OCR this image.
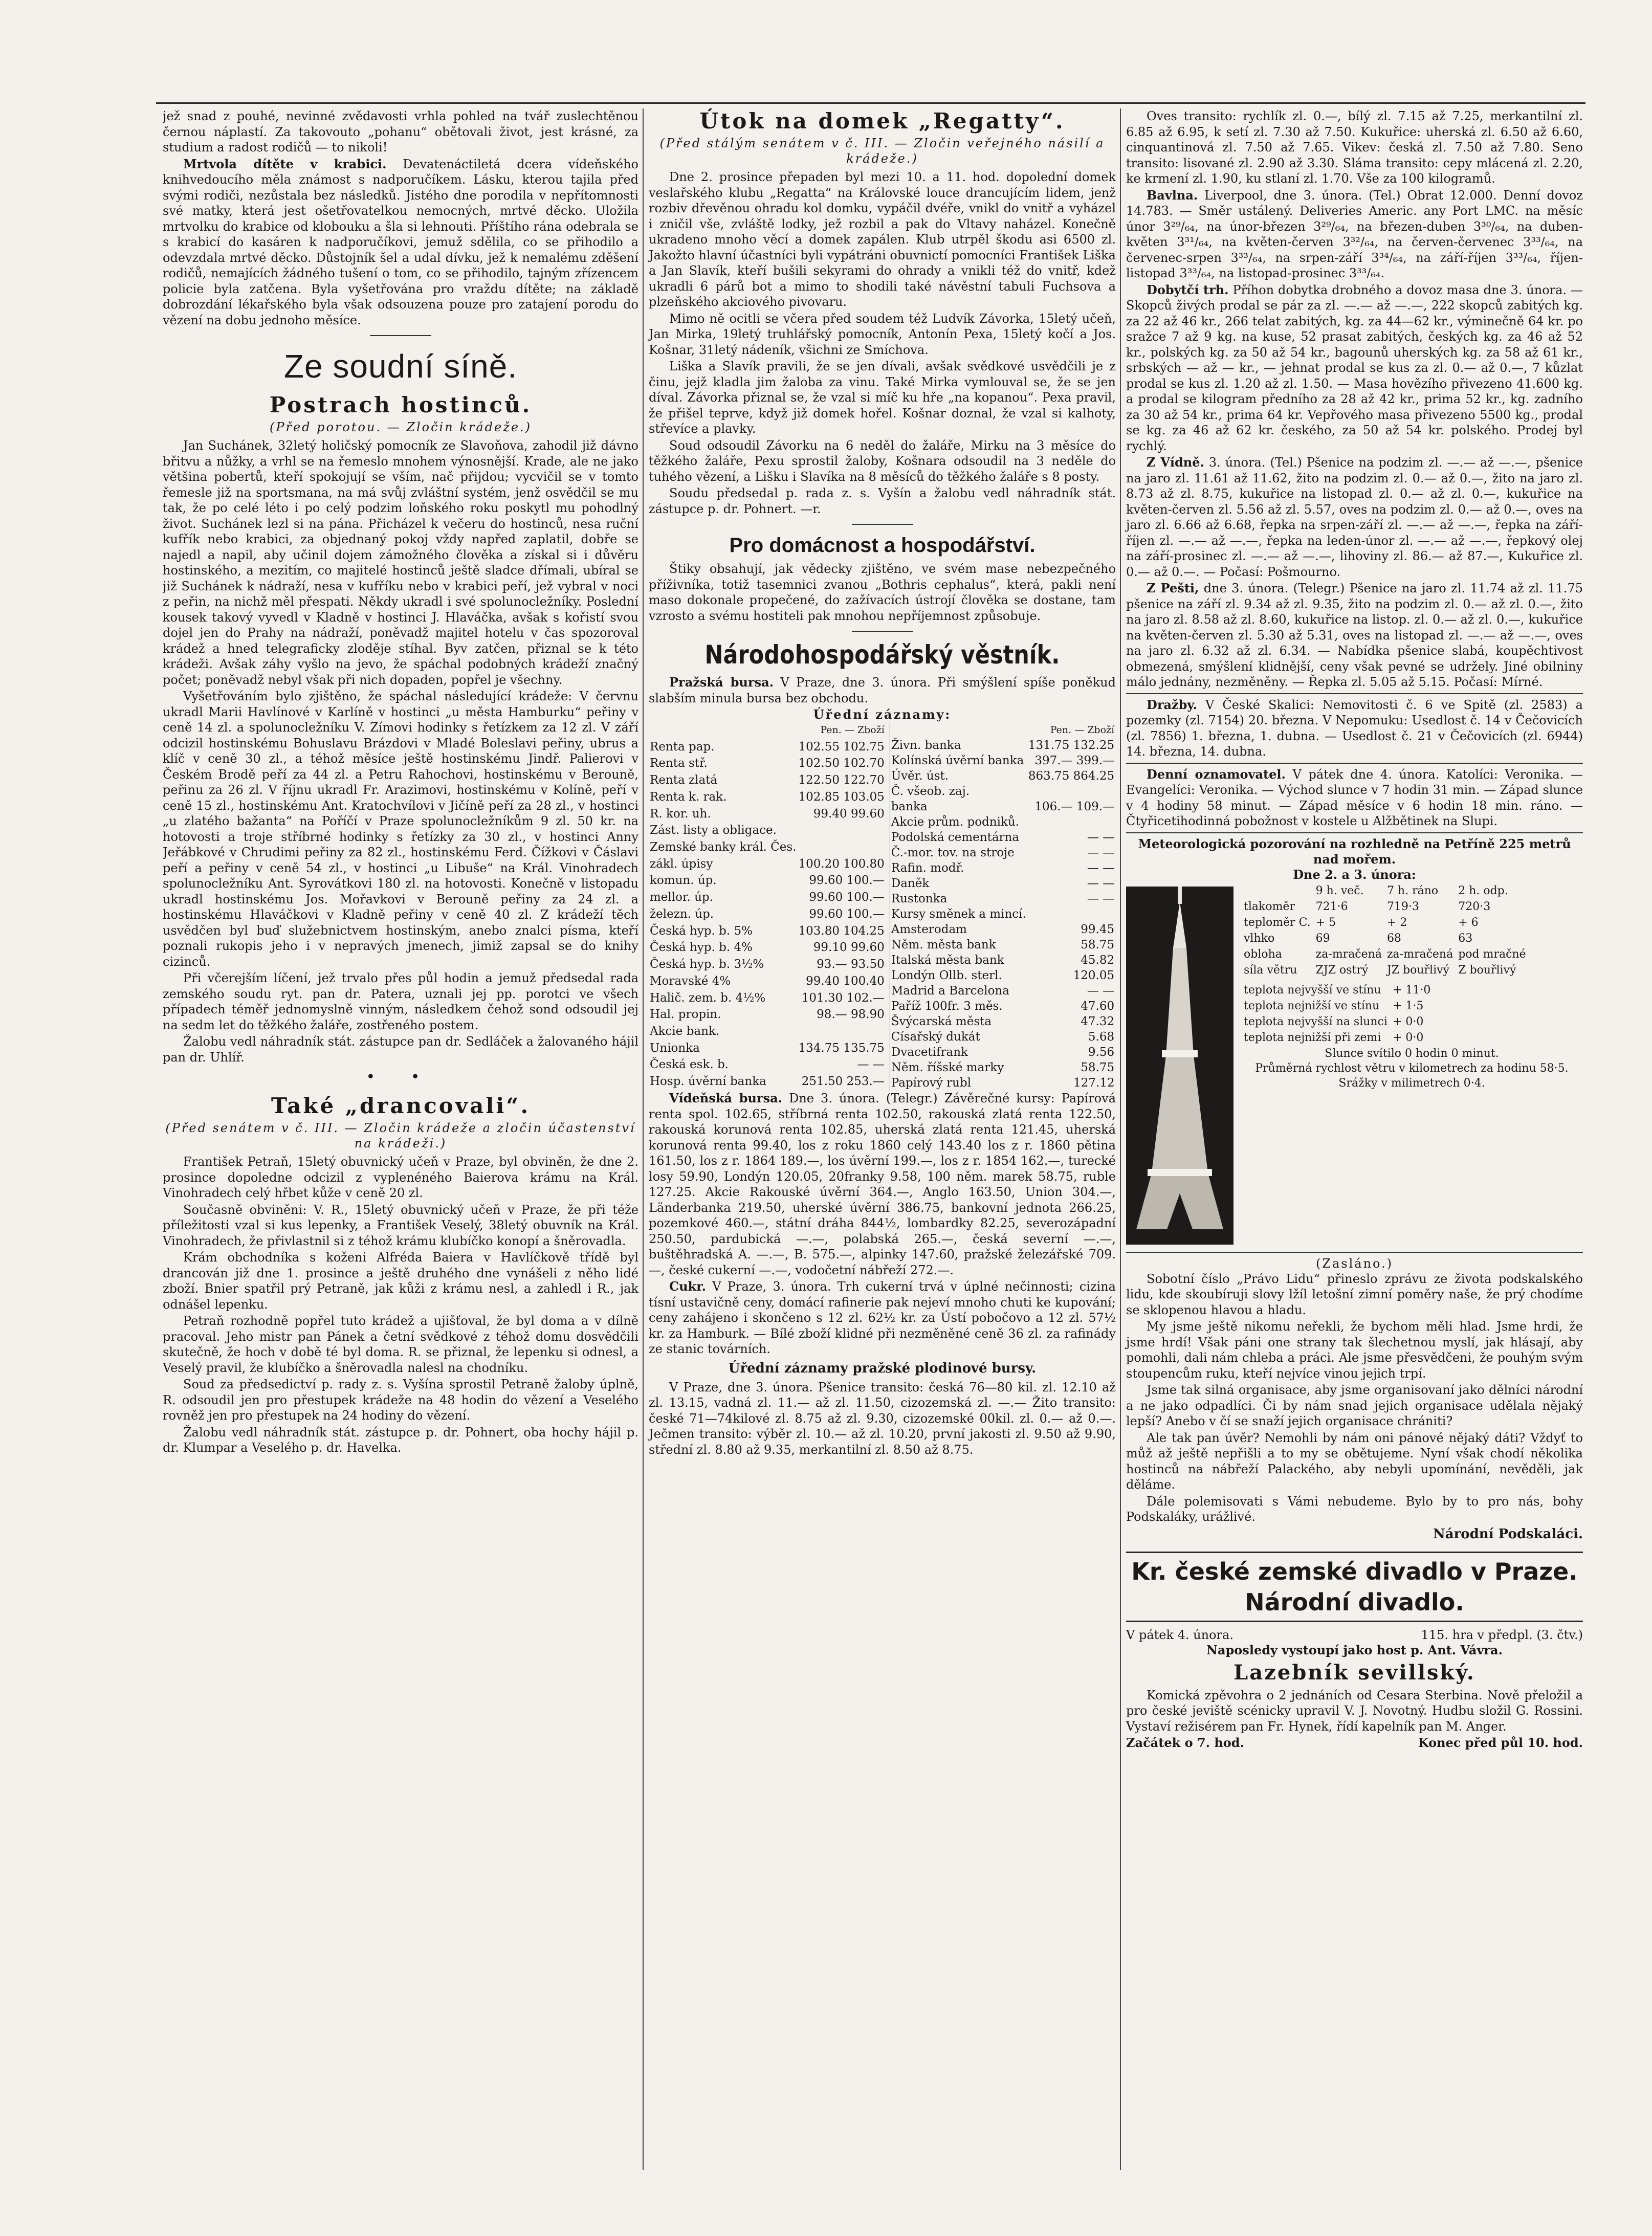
jež snad z pouhé, nevinné zvědavosti vrhla pohled na tvář zuslechtěnou černou náplastí. Za takovouto „pohanu“ obětovali život, jest krásné, za studium a radost rodičů — to nikoli!

Mrtvola dítěte v krabici. Devatenáctiletá dcera vídeňského knihvedoucího měla známost s nadporučíkem. Lásku, kterou tajila před svými rodiči, nezůstala bez následků. Jistého dne porodila v nepřítomnosti své matky, která jest ošetřovatelkou nemocných, mrtvé děcko. Uložila mrtvolku do krabice od klobouku a šla si lehnouti. Příštího rána odebrala se s krabicí do kasáren k nadporučíkovi, jemuž sdělila, co se přihodilo a odevzdala mrtvé děcko. Důstojník šel a udal dívku, jež k nemalému zděšení rodičů, nemajících žádného tušení o tom, co se přihodilo, tajným zřízencem policie byla zatčena. Byla vyšetřována pro vraždu dítěte; na základě dobrozdání lékařského byla však odsouzena pouze pro zatajení porodu do vězení na dobu jednoho měsíce.

Ze soudní síně.
Postrach hostinců.
(Před porotou. — Zločin krádeže.)

Jan Suchánek, 32letý holičský pomocník ze Slavoňova, zahodil již dávno břitvu a nůžky, a vrhl se na řemeslo mnohem výnosnější. Krade, ale ne jako většina pobertů, kteří spokojují se vším, nač přijdou; vycvičil se v tomto řemesle již na sportsmana, na má svůj zvláštní systém, jenž osvědčil se mu tak, že po celé léto i po celý podzim loňského roku poskytl mu pohodlný život. Suchánek lezl si na pána. Přicházel k večeru do hostinců, nesa ruční kufřík nebo krabici, za objednaný pokoj vždy napřed zaplatil, dobře se najedl a napil, aby učinil dojem zámožného člověka a získal si i důvěru hostinského, a mezitím, co majitelé hostinců ještě sladce dřímali, ubíral se již Suchánek k nádraží, nesa v kufříku nebo v krabici peří, jež vybral v noci z peřin, na nichž měl přespati. Někdy ukradl i své spolunocležníky. Poslední kousek takový vyvedl v Kladně v hostinci J. Hlaváčka, avšak s kořistí svou dojel jen do Prahy na nádraží, poněvadž majitel hotelu v čas spozoroval krádež a hned telegraficky zloděje stíhal. Byv zatčen, přiznal se k této krádeži. Avšak záhy vyšlo na jevo, že spáchal podobných krádeží značný počet; poněvadž nebyl však při nich dopaden, popřel je všechny.

Vyšetřováním bylo zjištěno, že spáchal následující krádeže: V červnu ukradl Marii Havlínové v Karlíně v hostinci „u města Hamburku“ peřiny v ceně 14 zl. a spolunocležníku V. Zímovi hodinky s řetízkem za 12 zl. V září odcizil hostinskému Bohuslavu Brázdovi v Mladé Boleslavi peřiny, ubrus a klíč v ceně 30 zl., a téhož měsíce ještě hostinskému Jindř. Palierovi v Českém Brodě peří za 44 zl. a Petru Rahochovi, hostinskému v Berouně, peřinu za 26 zl. V říjnu ukradl Fr. Arazimovi, hostinskému v Kolíně, peří v ceně 15 zl., hostinskému Ant. Kratochvílovi v Jičíně peří za 28 zl., v hostinci „u zlatého bažanta“ na Poříčí v Praze spolunocležníkům 9 zl. 50 kr. na hotovosti a troje stříbrné hodinky s řetízky za 30 zl., v hostinci Anny Jeřábkové v Chrudimi peřiny za 82 zl., hostinskému Ferd. Čížkovi v Čáslavi peří a peřiny v ceně 54 zl., v hostinci „u Libuše“ na Král. Vinohradech spolunocležníku Ant. Syrovátkovi 180 zl. na hotovosti. Konečně v listopadu ukradl hostinskému Jos. Mořavkovi v Berouně peřiny za 24 zl. a hostinskému Hlaváčkovi v Kladně peřiny v ceně 40 zl. Z krádeží těch usvědčen byl buď služebnictvem hostinským, anebo znalci písma, kteří poznali rukopis jeho i v nepravých jmenech, jimiž zapsal se do knihy cizinců.

Při včerejším líčení, jež trvalo přes půl hodin a jemuž předsedal rada zemského soudu ryt. pan dr. Patera, uznali jej pp. porotci ve všech případech téměř jednomyslně vinným, následkem čehož sond odsoudil jej na sedm let do těžkého žaláře, zostřeného postem.

Žalobu vedl náhradník stát. zástupce pan dr. Sedláček a žalovaného hájil pan dr. Uhlíř.

• •
Také „drancovali“.
(Před senátem v č. III. — Zločin krádeže a zločin účastenství na krádeži.)

František Petraň, 15letý obuvnický učeň v Praze, byl obviněn, že dne 2. prosince dopoledne odcizil z vyplenéného Baierova krámu na Král. Vinohradech celý hřbet kůže v ceně 20 zl.

Současně obviněni: V. R., 15letý obuvnický učeň v Praze, že při téže příležitosti vzal si kus lepenky, a František Veselý, 38letý obuvník na Král. Vinohradech, že přivlastnil si z téhož krámu klubíčko konopí a šněrovadla.

Krám obchodníka s koženi Alfréda Baiera v Havlíčkově třídě byl drancován již dne 1. prosince a ještě druhého dne vynášeli z něho lidé zboží. Bnier spatřil prý Petraně, jak kůži z krámu nesl, a zahledl i R., jak odnášel lepenku.

Petraň rozhodně popřel tuto krádež a ujišťoval, že byl doma a v dílně pracoval. Jeho mistr pan Pánek a četní svědkové z téhož domu dosvědčili skutečně, že hoch v době té byl doma. R. se přiznal, že lepenku si odnesl, a Veselý pravil, že klubíčko a šněrovadla nalesl na chodníku.

Soud za předsedictví p. rady z. s. Vyšína sprostil Petraně žaloby úplně, R. odsoudil jen pro přestupek krádeže na 48 hodin do vězení a Veselého rovněž jen pro přestupek na 24 hodiny do vězení.

Žalobu vedl náhradník stát. zástupce p. dr. Pohnert, oba hochy hájil p. dr. Klumpar a Veselého p. dr. Havelka.

Útok na domek „Regatty“.
(Před stálým senátem v č. III. — Zločin veřejného násilí a krádeže.)

Dne 2. prosince přepaden byl mezi 10. a 11. hod. dopolední domek veslařského klubu „Regatta“ na Královské louce drancujícím lidem, jenž rozbiv dřevěnou ohradu kol domku, vypáčil dvéře, vnikl do vnitř a vyházel i zničil vše, zvláště lodky, jež rozbil a pak do Vltavy naházel. Konečně ukradeno mnoho věcí a domek zapálen. Klub utrpěl škodu asi 6500 zl. Jakožto hlavní účastníci byli vypátráni obuvnictí pomocníci František Liška a Jan Slavík, kteří bušili sekyrami do ohrady a vnikli též do vnitř, kdež ukradli 6 párů bot a mimo to shodili také návěstní tabuli Fuchsova a plzeňského akciového pivovaru.

Mimo ně ocitli se včera před soudem též Ludvík Závorka, 15letý učeň, Jan Mirka, 19letý truhlářský pomocník, Antonín Pexa, 15letý kočí a Jos. Košnar, 31letý nádeník, všichni ze Smíchova.

Liška a Slavík pravili, že se jen dívali, avšak svědkové usvědčili je z činu, jejž kladla jim žaloba za vinu. Také Mirka vymlouval se, že se jen díval. Závorka přiznal se, že vzal si míč ku hře „na kopanou“. Pexa pravil, že přišel teprve, když již domek hořel. Košnar doznal, že vzal si kalhoty, střevíce a plavky.

Soud odsoudil Závorku na 6 neděl do žaláře, Mirku na 3 měsíce do těžkého žaláře, Pexu sprostil žaloby, Košnara odsoudil na 3 neděle do tuhého vězení, a Lišku i Slavíka na 8 měsíců do těžkého žaláře s 8 posty.

Soudu předsedal p. rada z. s. Vyšín a žalobu vedl náhradník stát. zástupce p. dr. Pohnert. —r.

Pro domácnost a hospodářství.

Štiky obsahují, jak vědecky zjištěno, ve svém mase nebezpečného příživníka, totiž tasemnici zvanou „Bothris cephalus“, která, pakli není maso dokonale propečené, do zažívacích ústrojí člověka se dostane, tam vzrosto a svému hostiteli pak mnohou nepříjemnost způsobuje.

Národohospodářský věstník.

Pražská bursa. V Praze, dne 3. února. Při smýšlení spíše poněkud slabším minula bursa bez obchodu.

Úřední záznamy:
	Pen. — Zboží
Renta pap.	102.55 102.75
Renta stř.	102.50 102.70
Renta zlatá	122.50 122.70
Renta k. rak.	102.85 103.05
R. kor. uh.	99.40 99.60
Zást. listy a obligace.	
Zemské banky král. Čes.	
zákl. úpisy	100.20 100.80
komun. úp.	99.60 100.—
mellor. úp.	99.60 100.—
železn. úp.	99.60 100.—
Česká hyp. b. 5%	103.80 104.25
Česká hyp. b. 4%	99.10 99.60
Česká hyp. b. 3½%	93.— 93.50
Moravské 4%	99.40 100.40
Halič. zem. b. 4½%	101.30 102.—
Hal. propin.	98.— 98.90
Akcie bank.	
Unionka	134.75 135.75
Česká esk. b.	— —
Hosp. úvěrní banka	251.50 253.—
	Pen. — Zboží
Živn. banka	131.75 132.25
Kolínská úvěrní banka	397.— 399.—
Úvěr. úst.	863.75 864.25
Č. všeob. zaj.	
banka	106.— 109.—
Akcie prům. podniků.	
Podolská cementárna	— —
Č.-mor. tov. na stroje	— —
Rafin. modř.	— —
Daněk	— —
Rustonka	— —
Kursy směnek a mincí.	
Amsterodam	99.45
Něm. města bank	58.75
Italská města bank	45.82
Londýn Ollb. sterl.	120.05
Madrid a Barcelona	— —
Paříž 100fr. 3 měs.	47.60
Švýcarská města	47.32
Císařský dukát	5.68
Dvacetifrank	9.56
Něm. říšské marky	58.75
Papírový rubl	127.12

Vídeňská bursa. Dne 3. února. (Telegr.) Závěrečné kursy: Papírová renta spol. 102.65, stříbrná renta 102.50, rakouská zlatá renta 122.50, rakouská korunová renta 102.85, uherská zlatá renta 121.45, uherská korunová renta 99.40, los z roku 1860 celý 143.40 los z r. 1860 pětina 161.50, los z r. 1864 189.—, los úvěrní 199.—, los z r. 1854 162.—, turecké losy 59.90, Londýn 120.05, 20franky 9.58, 100 něm. marek 58.75, ruble 127.25. Akcie Rakouské úvěrní 364.—, Anglo 163.50, Union 304.—, Länderbanka 219.50, uherské úvěrní 386.75, bankovní jednota 266.25, pozemkové 460.—, státní dráha 844½, lombardky 82.25, severozápadní 250.50, pardubická —.—, polabská 265.—, česká severní —.—, buštěhradská A. —.—, B. 575.—, alpinky 147.60, pražské železářské 709.—, české cukerní —.—, vodočetní nábřeží 272.—.

Cukr. V Praze, 3. února. Trh cukerní trvá v úplné nečinnosti; cizina tísní ustavičně ceny, domácí rafinerie pak nejeví mnoho chuti ke kupování; ceny zahájeno i skončeno s 12 zl. 62½ kr. za Ústí pobočovo a 12 zl. 57½ kr. za Hamburk. — Bílé zboží klidné při nezměněné ceně 36 zl. za rafinády ze stanic továrních.

Úřední záznamy pražské plodinové bursy.

V Praze, dne 3. února. Pšenice transito: česká 76—80 kil. zl. 12.10 až zl. 13.15, vadná zl. 11.— až zl. 11.50, cizozemská zl. —.— Žito transito: české 71—74kilové zl. 8.75 až zl. 9.30, cizozemské 00kil. zl. 0.— až 0.—. Ječmen transito: výběr zl. 10.— až zl. 10.20, první jakosti zl. 9.50 až 9.90, střední zl. 8.80 až 9.35, merkantilní zl. 8.50 až 8.75.

Oves transito: rychlík zl. 0.—, bílý zl. 7.15 až 7.25, merkantilní zl. 6.85 až 6.95, k setí zl. 7.30 až 7.50. Kukuřice: uherská zl. 6.50 až 6.60, cinquantinová zl. 7.50 až 7.65. Vikev: česká zl. 7.50 až 7.80. Seno transito: lisované zl. 2.90 až 3.30. Sláma transito: cepy mlácená zl. 2.20, ke krmení zl. 1.90, ku stlaní zl. 1.70. Vše za 100 kilogramů.

Bavlna. Liverpool, dne 3. února. (Tel.) Obrat 12.000. Denní dovoz 14.783. — Směr ustálený. Deliveries Americ. any Port LMC. na měsíc únor 3²⁹/₆₄, na únor-březen 3²⁹/₆₄, na březen-duben 3³⁰/₆₄, na duben-květen 3³¹/₆₄, na květen-červen 3³²/₆₄, na červen-červenec 3³³/₆₄, na červenec-srpen 3³³/₆₄, na srpen-září 3³⁴/₆₄, na září-říjen 3³³/₆₄, říjen-listopad 3³³/₆₄, na listopad-prosinec 3³³/₆₄.

Dobytčí trh. Příhon dobytka drobného a dovoz masa dne 3. února. — Skopců živých prodal se pár za zl. —.— až —.—, 222 skopců zabitých kg. za 22 až 46 kr., 266 telat zabitých, kg. za 44—62 kr., výminečně 64 kr. po sražce 7 až 9 kg. na kuse, 52 prasat zabitých, českých kg. za 46 až 52 kr., polských kg. za 50 až 54 kr., bagounů uherských kg. za 58 až 61 kr., srbských — až — kr., — jehnat prodal se kus za zl. 0.— až 0.—, 7 kůzlat prodal se kus zl. 1.20 až zl. 1.50. — Masa hovězího přivezeno 41.600 kg. a prodal se kilogram předního za 28 až 42 kr., prima 52 kr., kg. zadního za 30 až 54 kr., prima 64 kr. Vepřového masa přivezeno 5500 kg., prodal se kg. za 46 až 62 kr. českého, za 50 až 54 kr. polského. Prodej byl rychlý.

Z Vídně. 3. února. (Tel.) Pšenice na podzim zl. —.— až —.—, pšenice na jaro zl. 11.61 až 11.62, žito na podzim zl. 0.— až 0.—, žito na jaro zl. 8.73 až zl. 8.75, kukuřice na listopad zl. 0.— až zl. 0.—, kukuřice na květen-červen zl. 5.56 až zl. 5.57, oves na podzim zl. 0.— až 0.—, oves na jaro zl. 6.66 až 6.68, řepka na srpen-září zl. —.— až —.—, řepka na září-říjen zl. —.— až —.—, řepka na leden-únor zl. —.— až —.—, řepkový olej na září-prosinec zl. —.— až —.—, lihoviny zl. 86.— až 87.—, Kukuřice zl. 0.— až 0.—. — Počasí: Pošmourno.

Z Pešti, dne 3. února. (Telegr.) Pšenice na jaro zl. 11.74 až zl. 11.75 pšenice na září zl. 9.34 až zl. 9.35, žito na podzim zl. 0.— až zl. 0.—, žito na jaro zl. 8.58 až zl. 8.60, kukuřice na listop. zl. 0.— až zl. 0.—, kukuřice na květen-červen zl. 5.30 až 5.31, oves na listopad zl. —.— až —.—, oves na jaro zl. 6.32 až zl. 6.34. — Nabídka pšenice slabá, koupěchtivost obmezená, smýšlení klidnější, ceny však pevné se udržely. Jiné obilniny málo jednány, nezměněny. — Řepka zl. 5.05 až 5.15. Počasí: Mírné.

Dražby. V České Skalici: Nemovitosti č. 6 ve Spitě (zl. 2583) a pozemky (zl. 7154) 20. března. V Nepomuku: Usedlost č. 14 v Čečovicích (zl. 7856) 1. března, 1. dubna. — Usedlost č. 21 v Čečovicích (zl. 6944) 14. března, 14. dubna.

Denní oznamovatel. V pátek dne 4. února. Katolíci: Veronika. — Evangelíci: Veronika. — Východ slunce v 7 hodin 31 min. — Západ slunce v 4 hodiny 58 minut. — Západ měsíce v 6 hodin 18 min. ráno. — Čtyřicetihodinná pobožnost v kostele u Alžbětinek na Slupi.

Meteorologická pozorování na rozhledně na Petříně 225 metrů nad mořem.
Dne 2. a 3. února:
	9 h. več.	7 h. ráno	2 h. odp.
tlakoměr	721·6	719·3	720·3
teploměr C.	+ 5	+ 2	+ 6
vlhko	69	68	63
obloha	za-mračená	za-mračená	pod mračné
síla větru	ZJZ ostrý	JZ bouřlivý	Z bouřlivý
teplota nejvyšší ve stínu	+ 11·0
teplota nejnižší ve stínu	+ 1·5
teplota nejvyšší na slunci	+ 0·0
teplota nejnižší při zemi	+ 0·0
Slunce svítilo 0 hodin 0 minut.
Průměrná rychlost větru v kilometrech za hodinu 58·5.
Srážky v milimetrech 0·4.
(Zasláno.)

Sobotní číslo „Právo Lidu“ přineslo zprávu ze života podskalského lidu, kde skoubíruji slovy lžíl letošní zimní poměry naše, že prý chodíme se sklopenou hlavou a hladu.

My jsme ještě nikomu neřekli, že bychom měli hlad. Jsme hrdi, že jsme hrdí! Však páni one strany tak šlechetnou myslí, jak hlásají, aby pomohli, dali nám chleba a práci. Ale jsme přesvědčeni, že pouhým svým stoupencům ruku, kteří nejvíce vinou jejich trpí.

Jsme tak silná organisace, aby jsme organisovaní jako dělníci národní a ne jako odpadlíci. Či by nám snad jejich organisace udělala nějaký lepší? Anebo v čí se snaží jejich organisace chrániti?

Ale tak pan úvěr? Nemohli by nám oni pánové nějaký dáti? Vždyť to můž až ještě nepřišli a to my se obětujeme. Nyní však chodí několika hostinců na nábřeží Palackého, aby nebyli upomínání, nevěděli, jak děláme.

Dále polemisovati s Vámi nebudeme. Bylo by to pro nás, bohy Podskaláky, urážlivé.

Národní Podskaláci.
Kr. české zemské divadlo v Praze.
Národní divadlo.
V pátek 4. února.	115. hra v předpl. (3. čtv.)
Naposledy vystoupí jako host p. Ant. Vávra.
Lazebník sevillský.

Komická zpěvohra o 2 jednáních od Cesara Sterbina. Nově přeložil a pro české jeviště scénicky upravil V. J. Novotný. Hudbu složil G. Rossini. Vystaví režisérem pan Fr. Hynek, řídí kapelník pan M. Anger.

Začátek o 7. hod.	Konec před půl 10. hod.
